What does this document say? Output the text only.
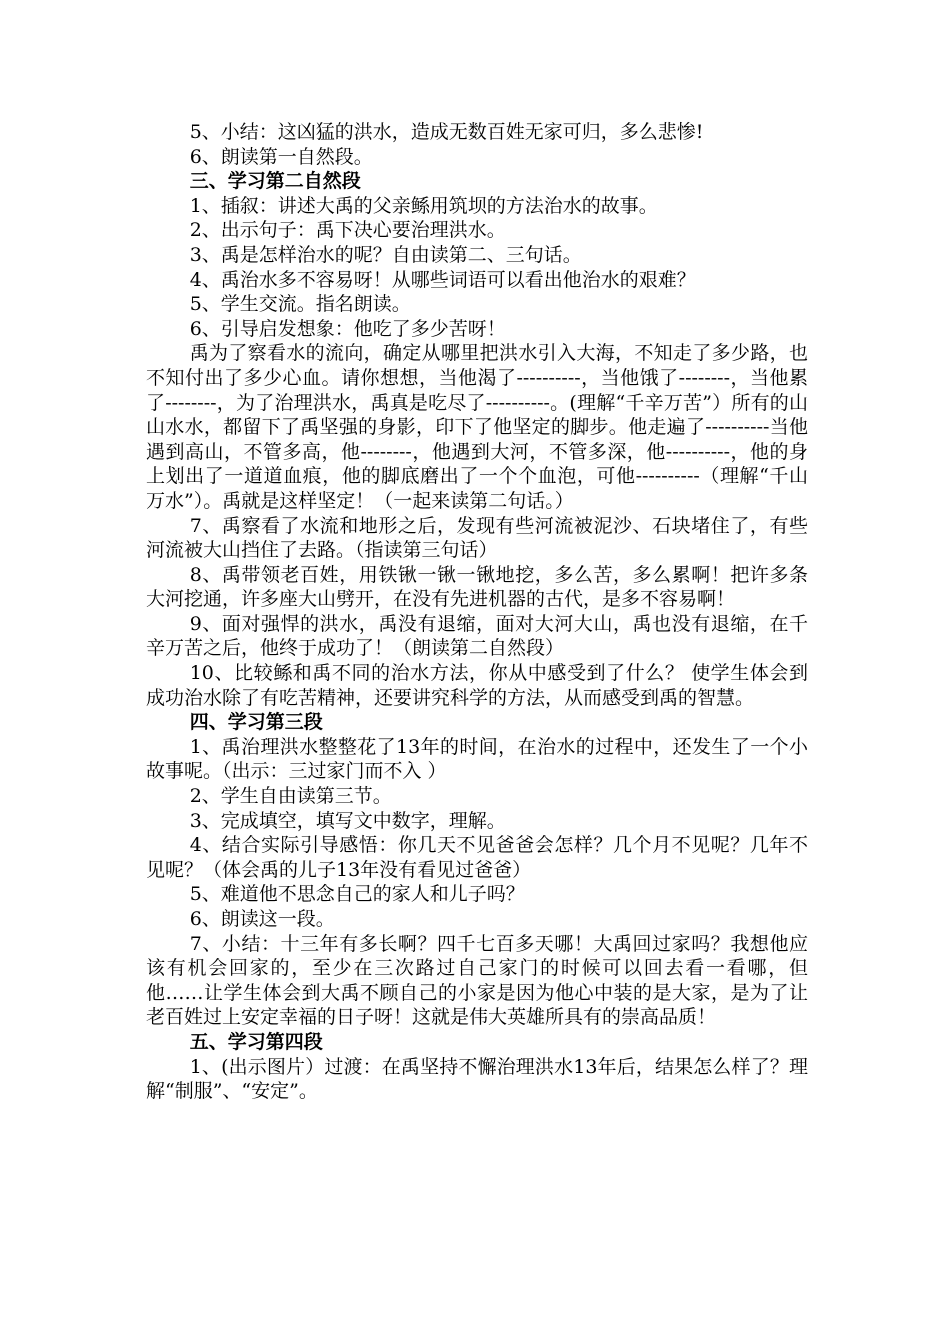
5、小结：这凶猛的洪水，造成无数百姓无家可归，多么悲惨!

6、朗读第一自然段。

三、学习第二自然段

1、插叙：讲述大禹的父亲鲧用筑坝的方法治水的故事。

2、出示句子：禹下决心要治理洪水。

3、禹是怎样治水的呢？自由读第二、三句话。

4、禹治水多不容易呀！从哪些词语可以看出他治水的艰难？

5、学生交流。指名朗读。

6、引导启发想象：他吃了多少苦呀！

禹为了察看水的流向，确定从哪里把洪水引入大海，不知走了多少路，也不知付出了多少心血。请你想想，当他渴了----------，当他饿了--------，当他累了--------，为了治理洪水，禹真是吃尽了----------。(理解“千辛万苦”）所有的山山水水，都留下了禹坚强的身影，印下了他坚定的脚步。他走遍了----------当他遇到高山，不管多高，他--------，他遇到大河，不管多深，他----------，他的身上划出了一道道血痕，他的脚底磨出了一个个血泡，可他----------（理解“千山万水”）。禹就是这样坚定！（一起来读第二句话。）

7、禹察看了水流和地形之后，发现有些河流被泥沙、石块堵住了，有些河流被大山挡住了去路。（指读第三句话）

8、禹带领老百姓，用铁锹一锹一锹地挖，多么苦，多么累啊！把许多条大河挖通，许多座大山劈开，在没有先进机器的古代，是多不容易啊！

9、面对强悍的洪水，禹没有退缩，面对大河大山，禹也没有退缩，在千辛万苦之后，他终于成功了！（朗读第二自然段）

10、比较鲧和禹不同的治水方法，你从中感受到了什么？ 使学生体会到成功治水除了有吃苦精神，还要讲究科学的方法，从而感受到禹的智慧。

四、学习第三段

1、禹治理洪水整整花了13年的时间，在治水的过程中，还发生了一个小故事呢。（出示：三过家门而不入 ）

2、学生自由读第三节。

3、完成填空，填写文中数字，理解。

4、结合实际引导感悟：你几天不见爸爸会怎样？几个月不见呢？几年不见呢？（体会禹的儿子13年没有看见过爸爸）

5、难道他不思念自己的家人和儿子吗？

6、朗读这一段。

7、小结：十三年有多长啊？四千七百多天哪！大禹回过家吗？我想他应该有机会回家的，至少在三次路过自己家门的时候可以回去看一看哪，但他……让学生体会到大禹不顾自己的小家是因为他心中装的是大家，是为了让老百姓过上安定幸福的日子呀！这就是伟大英雄所具有的崇高品质！

五、学习第四段

1、(出示图片）过渡：在禹坚持不懈治理洪水13年后，结果怎么样了？理解“制服”、“安定”。
